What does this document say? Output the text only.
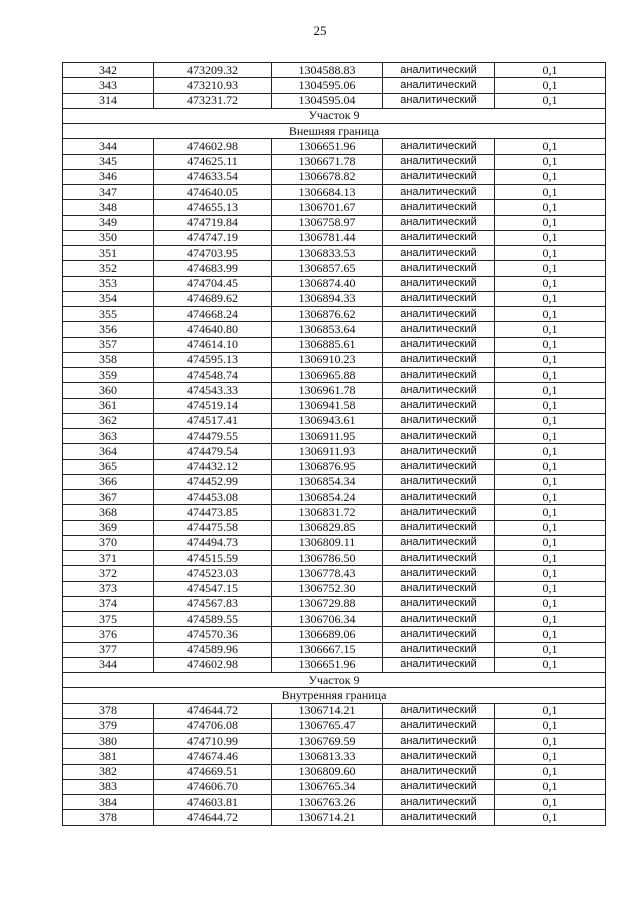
25
342	473209.32	1304588.83	аналитический	0,1
343	473210.93	1304595.06	аналитический	0,1
314	473231.72	1304595.04	аналитический	0,1
Участок 9				
Внешняя граница				
344	474602.98	1306651.96	аналитический	0,1
345	474625.11	1306671.78	аналитический	0,1
346	474633.54	1306678.82	аналитический	0,1
347	474640.05	1306684.13	аналитический	0,1
348	474655.13	1306701.67	аналитический	0,1
349	474719.84	1306758.97	аналитический	0,1
350	474747.19	1306781.44	аналитический	0,1
351	474703.95	1306833.53	аналитический	0,1
352	474683.99	1306857.65	аналитический	0,1
353	474704.45	1306874.40	аналитический	0,1
354	474689.62	1306894.33	аналитический	0,1
355	474668.24	1306876.62	аналитический	0,1
356	474640.80	1306853.64	аналитический	0,1
357	474614.10	1306885.61	аналитический	0,1
358	474595.13	1306910.23	аналитический	0,1
359	474548.74	1306965.88	аналитический	0,1
360	474543.33	1306961.78	аналитический	0,1
361	474519.14	1306941.58	аналитический	0,1
362	474517.41	1306943.61	аналитический	0,1
363	474479.55	1306911.95	аналитический	0,1
364	474479.54	1306911.93	аналитический	0,1
365	474432.12	1306876.95	аналитический	0,1
366	474452.99	1306854.34	аналитический	0,1
367	474453.08	1306854.24	аналитический	0,1
368	474473.85	1306831.72	аналитический	0,1
369	474475.58	1306829.85	аналитический	0,1
370	474494.73	1306809.11	аналитический	0,1
371	474515.59	1306786.50	аналитический	0,1
372	474523.03	1306778.43	аналитический	0,1
373	474547.15	1306752.30	аналитический	0,1
374	474567.83	1306729.88	аналитический	0,1
375	474589.55	1306706.34	аналитический	0,1
376	474570.36	1306689.06	аналитический	0,1
377	474589.96	1306667.15	аналитический	0,1
344	474602.98	1306651.96	аналитический	0,1
Участок 9				
Внутренняя граница				
378	474644.72	1306714.21	аналитический	0,1
379	474706.08	1306765.47	аналитический	0,1
380	474710.99	1306769.59	аналитический	0,1
381	474674.46	1306813.33	аналитический	0,1
382	474669.51	1306809.60	аналитический	0,1
383	474606.70	1306765.34	аналитический	0,1
384	474603.81	1306763.26	аналитический	0,1
378	474644.72	1306714.21	аналитический	0,1
